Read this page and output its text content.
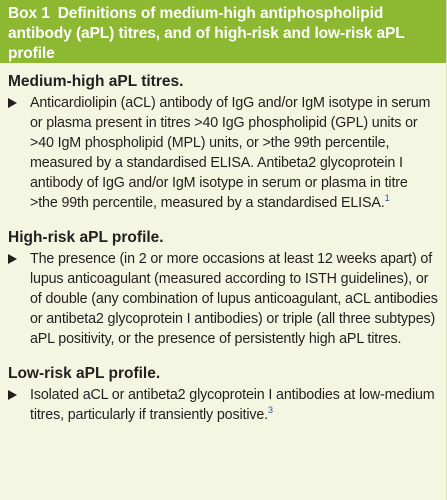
Box 1 Definitions of medium-high antiphospholipid antibody (aPL) titres, and of high-risk and low-risk aPL profile
Medium-high aPL titres.
Anticardiolipin (aCL) antibody of IgG and/or IgM isotype in serum or plasma present in titres >40 IgG phospholipid (GPL) units or >40 IgM phospholipid (MPL) units, or >the 99th percentile, measured by a standardised ELISA. Antibeta2 glycoprotein I antibody of IgG and/or IgM isotype in serum or plasma in titre >the 99th percentile, measured by a standardised ELISA.$^1$
High-risk aPL profile.
The presence (in 2 or more occasions at least 12 weeks apart) of lupus anticoagulant (measured according to ISTH guidelines), or of double (any combination of lupus anticoagulant, aCL antibodies or antibeta2 glycoprotein I antibodies) or triple (all three subtypes) aPL positivity, or the presence of persistently high aPL titres.
Low-risk aPL profile.
Isolated aCL or antibeta2 glycoprotein I antibodies at low-medium titres, particularly if transiently positive.$^3$
